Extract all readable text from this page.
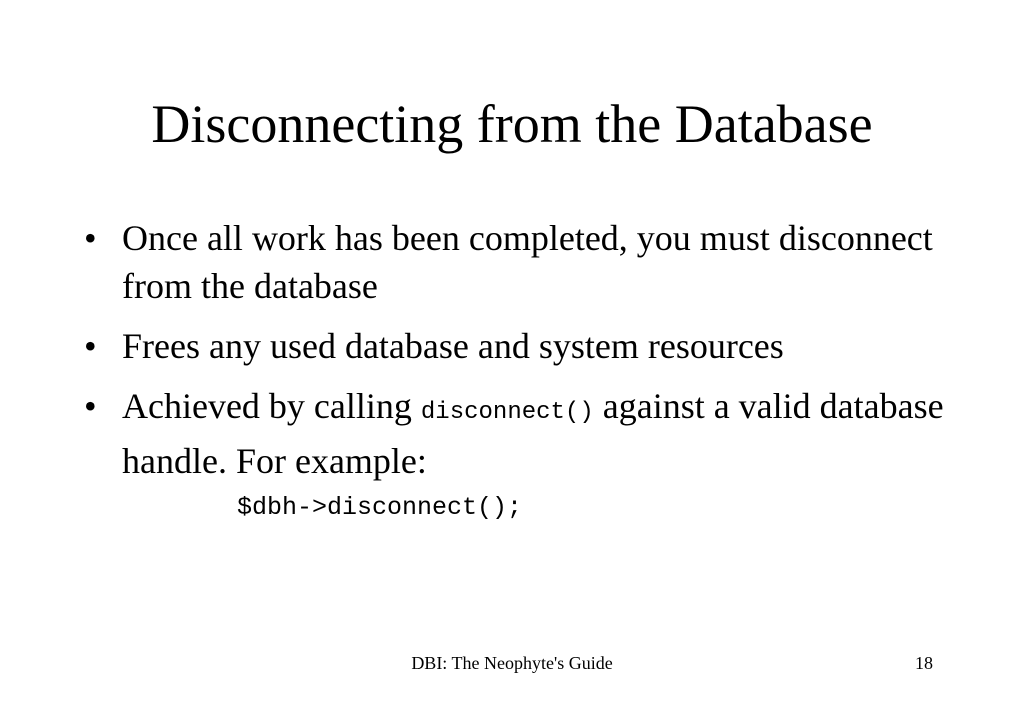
Disconnecting from the Database
• Once all work has been completed, you must disconnect from the database
• Frees any used database and system resources
• Achieved by calling disconnect() against a valid database handle. For example:
$dbh->disconnect();
DBI: The Neophyte's Guide	18
